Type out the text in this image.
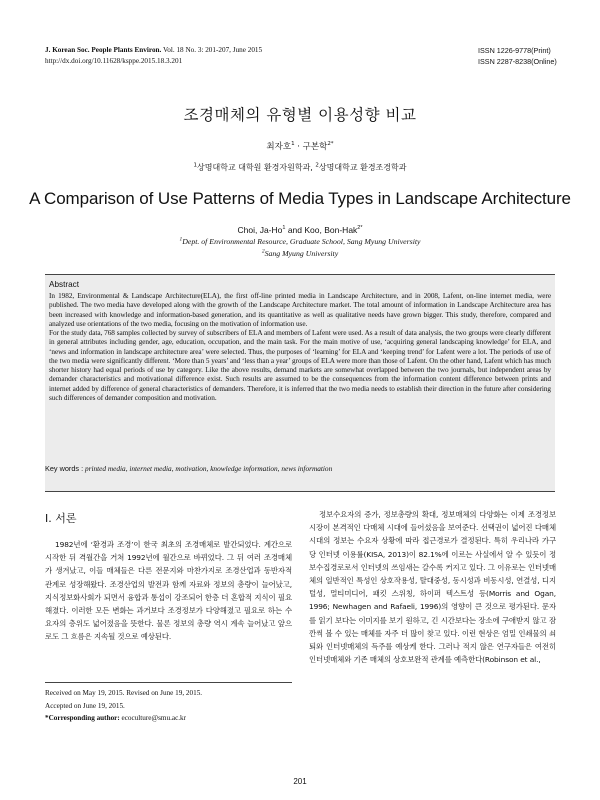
J. Korean Soc. People Plants Environ. Vol. 18 No. 3: 201-207, June 2015
http://dx.doi.org/10.11628/ksppe.2015.18.3.201
ISSN 1226-9778(Print)
ISSN 2287-8238(Online)
조경매체의 유형별 이용성향 비교
최자호$^1$ · 구본학$^{2*}$
$^1$상명대학교 대학원 환경자원학과, $^2$상명대학교 환경조경학과
A Comparison of Use Patterns of Media Types in Landscape Architecture
Choi, Ja-Ho$^1$ and Koo, Bon-Hak$^{2*}$
$^1$Dept. of Environmental Resource, Graduate School, Sang Myung University
$^2$Sang Myung University
Abstract

In 1982, Environmental & Landscape Architecture(ELA), the first off-line printed media in Landscape Architecture, and in 2008, Lafent, on-line internet media, were published. The two media have developed along with the growth of the Landscape Architecture market. The total amount of information in Landscape Architecture area has been increased with knowledge and information-based generation, and its quantitative as well as qualitative needs have grown bigger. This study, therefore, compared and analyzed use orientations of the two media, focusing on the motivation of information use.

For the study data, 768 samples collected by survey of subscribers of ELA and members of Lafent were used. As a result of data analysis, the two groups were clearly different in general attributes including gender, age, education, occupation, and the main task. For the main motive of use, ‘acquiring general landscaping knowledge’ for ELA, and ‘news and information in landscape architecture area’ were selected. Thus, the purposes of ‘learning’ for ELA and ‘keeping trend’ for Lafent were a lot. The periods of use of the two media were significantly different. ‘More than 5 years’ and ‘less than a year’ groups of ELA were more than those of Lafent. On the other hand, Lafent which has much shorter history had equal periods of use by category. Like the above results, demand markets are somewhat overlapped between the two journals, but independent areas by demander characteristics and motivational difference exist. Such results are assumed to be the consequences from the information content difference between prints and internet added by difference of general characteristics of demanders. Therefore, it is inferred that the two media needs to establish their direction in the future after considering such differences of demander composition and motivation.

Key words : printed media, internet media, motivation, knowledge information, news information
Ⅰ. 서론

1982년에 ‘환경과 조경’이 한국 최초의 조경매체로 발간되었다. 계간으로 시작한 뒤 격월간을 거쳐 1992년에 월간으로 바뀌었다. 그 뒤 여러 조경매체가 생겨났고, 이들 매체들은 다른 전문지와 마찬가지로 조경산업과 동반자적 관계로 성장해왔다. 조경산업의 발전과 함께 자료와 정보의 총량이 늘어났고, 지식정보화사회가 되면서 융합과 통섭이 강조되어 한층 더 혼합적 지식이 필요해졌다. 이러한 모든 변화는 과거보다 조경정보가 다양해졌고 필요로 하는 수요자의 층위도 넓어졌음을 뜻한다. 물론 정보의 총량 역시 계속 늘어났고 앞으로도 그 흐름은 지속될 것으로 예상된다.

정보수요자의 증가, 정보총량의 확대, 정보매체의 다양화는 이제 조경정보시장이 본격적인 다매체 시대에 들어섰음을 보여준다. 선택권이 넓어진 다매체 시대의 정보는 수요자 상황에 따라 접근경로가 결정된다. 특히 우리나라 가구당 인터넷 이용률(KISA, 2013)이 82.1%에 이르는 사실에서 알 수 있듯이 정보수집경로로서 인터넷의 쓰임새는 갈수록 커지고 있다. 그 이유로는 인터넷매체의 일반적인 특성인 상호작용성, 탈대중성, 동시성과 비동시성, 연결성, 디지털성, 멀티미디어, 패킷 스위칭, 하이퍼 텍스트성 등(Morris and Ogan, 1996; Newhagen and Rafaeli, 1996)의 영향이 큰 것으로 평가된다. 문자를 읽기 보다는 이미지를 보기 원하고, 긴 시간보다는 장소에 구애받지 않고 잠깐씩 볼 수 있는 매체를 자주 더 많이 찾고 있다. 이런 현상은 엄밀 인쇄물의 쇠퇴와 인터넷매체의 득주를 예상케 한다. 그러나 적지 않은 연구자들은 여전히 인터넷매체와 기존 매체의 상호보완적 관계를 예측한다(Robinson et al.,

Received on May 19, 2015. Revised on June 19, 2015.
Accepted on June 19, 2015.
*Corresponding author: ecoculture@smu.ac.kr
201
